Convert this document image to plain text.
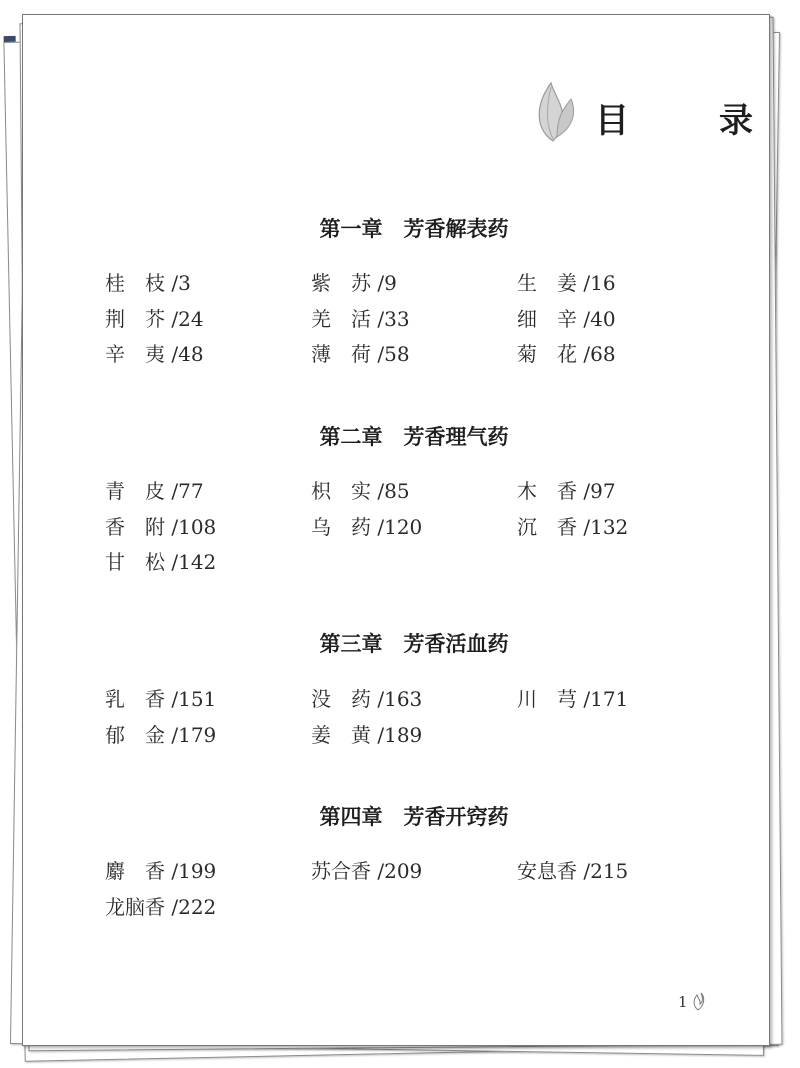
目　录
第一章　芳香解表药
桂　枝 /3	紫　苏 /9	生　姜 /16
荆　芥 /24	羌　活 /33	细　辛 /40
辛　夷 /48	薄　荷 /58	菊　花 /68
第二章　芳香理气药
青　皮 /77	枳　实 /85	木　香 /97
香　附 /108	乌　药 /120	沉　香 /132
甘　松 /142
第三章　芳香活血药
乳　香 /151	没　药 /163	川　芎 /171
郁　金 /179	姜　黄 /189
第四章　芳香开窍药
麝　香 /199	苏合香 /209	安息香 /215
龙脑香 /222
1
